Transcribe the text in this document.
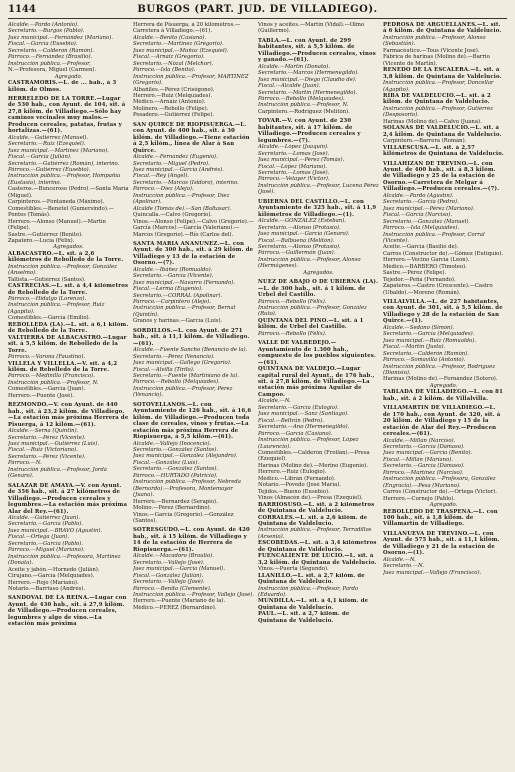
1144	BURGOS (PART. JUD. DE VILLADIEGO).
Alcalde.—Pardo (Antonio).
Secretario.—Burgos (Pablo).
Juez municipal.—Fernández (Mariano).
Fiscal.—García (Eusebio).
Secretario.—Calderón (Ramón).
Párroco.—Fernández (Brasilio).
Instrucción pública.—Profesor,
N.—Profesora, Miguel (Carmen).
Agregado.
CASTRAMORIS.—L. de ... hab., á 3 kilóm. de Olmos.

HERRELEDO DE LA TORRE.—Lugar de 530 hab., con Ayunt. de 104, sit. á 27,8 kilóm. de Villadiego.—Sólo hay caminos vecinales muy malos.—Producen cereales, patatas, frutas y hortalizas.—(61).
Alcalde.—Gutiérrez (Manuel).
Secretario.—Ruiz (Ezequiel).
Juez municipal.—Martínez (Mariano).
Fiscal.—García (Julián).
Secretario.—Gutiérrez (Román), interino.
Párroco.—Gutiérrez (Eusebio).
Instrucción pública.—Profesor, Hompañía (Eustasio), interino.
Casteros.—Bunceroso (Pedro).—Santa María (Miguel).
Carpinteros.—Fontaneda (Máximo).
Comestibles.—Benetel (Gumersindo).—Pontes (Tomás).
Herrero.—Alonso (Manuel).—Martín (Felipe).
Sastre.—Gutiérrez (Benito).
Zapatero.—Lucía (Félix).
Agregados.
ALBACASTRO.—L. sit. á 2,6 kilómetros de Rebolledo de la Torre.
Instrucción pública.—Profesor, González (Anselmo).
Tallista.—Gutiérrez (Santos).
CASTRECIAS.—L. sit. á 4,4 kilómetros de Rebolledo de la Torre.
Párroco.—Hidalgo (Lorenzo).
Instrucción pública.—Profesor, Ruiz (Agapito).
Comestibles.—García (Emilio).
REBOLLEDA (LA).—L. sit. á 6,1 kilóm. de Rebolledo de la Torre.
VALTIERRA DE ALBACASTRO.—Lugar sit. á 5,5 kilóm. de Rebolledo de la Torre.
Párroco.—Varona (Faustino).
VILLELA Y VILLELLA.—V. sit. á 4,2 kilóm. de Rebolledo de la Torre.
Párroco.—Medinilla (Francisco).
Instrucción pública.—Profesor, N.
Comestibles.—García (Juan).
Herrero.—Puente (José).

REZMONDO.—V. con Ayunt. de 440 hab., sit. á 23,2 kilóm. de Villadiego.—La estación más próxima Herrera de Pisuerga, á 12 kilóm.—(61).
Alcalde.—Serna (Quintín).
Secretario.—Pérez (Vicente).
Juez municipal.—Gutiérrez (Luis).
Fiscal.—Ruiz (Victoriano).
Secretario.—Pérez (Vicente).
Párroco.—N.
Instrucción pública.—Profesor, Jordá (Genaro).

SALAZAR DE AMAYA.—V. con Ayunt. de 356 hab., sit. á 27 kilómetros de Villadiego.—Producen cereales y legumbres.—La estación más próxima Alar del Rey.—(61).
Alcalde.—Gutiérrez (Juan).
Secretario.—García (Pablo).
Juez municipal.—BRAVO (Agustín).
Fiscal.—Ortega (Juan).
Secretario.—García (Pablo).
Párroco.—Miguel (Mariano).
Instrucción pública.—Profesora, Martínez (Donata).
Aceite y jabón.—Hornedo (Julián).
Cirujano.—García (Melquíades).
Herrero.—Rojo (Mariano).
Notario.—Barriuso (Andrés).

SANDOVAL DE LA REINA.—Lugar con Ayunt. de 430 hab., sit. á 27,9 kilóm. de Villadiego.—Producen cereales, legumbres y algo de vino.—La estación más próxima
Herrera de Pisuerga, á 20 kilómetros.—Carretera á Villadiego.—(61).
Alcalde.—Benito (Casiano).
Secretario.—Martínez (Gregorio).
Juez municipal.—Muñoz (Ezequiel).
Fiscal.—Arnáiz (Gregorio).
Secretario.—Nozal (Melchor).
Párroco.—Isla (Benito).
Instrucción pública.—Profesor, MARTÍNEZ (Gregorio).
Albañiles.—Pérez (Crisógono).
Herrero.—Ruiz (Melquíades).
Médico.—Arnáiz (Antonio).
Molinero.—Rebollo (Felipe).
Posadero.—Gutiérrez (Felipe).

SAN QUIRCE DE RIOPISUERGA.—L. con Ayunt. de 400 hab., sit. á 30 kilóm. de Villadiego.—Tiene estación á 2,5 kilóm., línea de Alar á San Quirce.
Alcalde.—Fernández (Eugenio).
Secretario.—Miguel (Pedro).
Juez municipal.—García (Andrés).
Fiscal.—Rey (Ángel).
Secretario.—Marcos (Isidoro), interino.
Párroco.—Díez (Alejo).
Instrucción pública.—Profesor, Díez (Apolinar).
Alcalde (Tomás de).—San (Baltasar).
Quincalla.—Calvo (Gregorio).
Vinos.—Alonso (Felipe).—Calvo (Gregorio).—García (Marcos).—García (Valeriano).—Marcos (Gregorio).—Río (Carlos del).

SANTA MARÍA ANANÚÑEZ.—L. con Ayunt. de 300 hab., sit. á 29 kilóm. de Villadiego y 13 de la estación de Osorno.—(7).
Alcalde.—Ibáñez (Romualdo).
Secretario.—García (Vicente).
Juez municipal.—Navarro (Fernando).
Fiscal.—Lerma (Eugenio).
Secretario.—CORRAL (Apolinar).
Párroco.—Carpintero (Alejo).
Instrucción pública.—Profesor, Bernal (Quintín).
Granos y harinas.—García (Luis).

SORDILLOS.—L. con Ayunt. de 271 hab., sit. á 11,1 kilóm. de Villadiego.—(61).
Alcalde.—Fuente Sancho (Benancio de la).
Secretario.—Pérez (Venancio).
Juez municipal.—Gallego (Gregorio).
Fiscal.—Alvilla (Tirilo).
Secretario.—Fuente (Martiniano de la).
Párroco.—Rebollo (Melquíades).
Instrucción pública.—Profesor, Pérez (Venancio).

SOTOVELLANOS.—L. con Ayuntamiento de 126 hab., sit. á 16,6 kilóm. de Villadiego.—Producen toda clase de cereales, vinos y frutas.—La estación más próxima Herrera de Riopisuerga, á 5,5 kilóm.—(61).
Alcalde.—Vallejo (Inocencio).
Secretario.—González (Santos).
Juez municipal.—González (Alejandro).
Fiscal.—González (Luis).
Secretario.—González (Santos).
Párroco.—HURTADO (Patricio).
Instrucción pública.—Profesor, Nebreda (Bernardo).—Profesora, Montemayor (Juana).
Herrero.—Bernardez (Serapio).
Molino.—Pérez (Bernardino).
Vinos.—García (Gregorio).—González (Santos).

SOTRESGUDO.—L. con Ayunt. de 420 hab., sit. á 15 kilóm. de Villadiego y 14 de la estación de Herrera de Riopisuerga.—(61).
Alcalde.—Macadoro (Braulio).
Secretario.—Vallejo (José).
Juez municipal.—García (Manuel).
Fiscal.—González (Julián).
Secretario.—Vallejo (José).
Párroco.—Benito (Clemente).
Instrucción pública.—Profesor, Vallejo (José).
Herrero.—Puente (Mariano de la).
Médico.—PÉREZ (Bernardino).
Vinos y aceites.—Martín (Vidal).—Olmo (Guillermo).

TABLA.—L. con Ayunt. de 299 habitantes, sit. á 5,5 kilóm. de Villadiego.—Producen cereales, vinos y ganado.—(61).
Alcalde.—Martín (Donato).
Secretario.—Marcos (Hermenegildo).
Juez municipal.—Diego (Claudio de).
Fiscal.—Alcalde (Juan).
Secretario.—Martín (Hermenegildo).
Párroco.—Rebollo (Melquíades).
Instrucción pública.—Profesor, N.
Carpintero.—Rodríguez (Melitón).

TOVAR.—V. con Ayunt. de 230 habitantes, sit. á 17 kilóm. de Villadiego.—Producen cereales y legumbres.—(7).
Alcalde.—López (Joaquín).
Secretario.—Lomas (José).
Juez municipal.—Pérez (Tomás).
Fiscal.—López (Mariano).
Secretario.—Lomas (José).
Párroco.—Velayer (Víctor).
Instrucción pública.—Profesor, Lucena Pérez (José).

UBIERNA DEL CASTILLO.—L. con Ayuntamiento de 325 hab., sit. á 11,9 kilómetros de Villadiego.—(1).
Alcalde.—GONZÁLEZ (Esteban).
Secretario.—Alonso (Protasio).
Juez municipal.—García (Genaro).
Fiscal.—Balbuena (Melitón).
Secretario.—Alonso (Protasio).
Párroco.—Guillermón (Juan).
Instrucción pública.—Profesor, Alonso (Hermógenes).
Agregados.

NUEZ DE ABAJO Ó DE UBIERNA (LA).—L. de 300 hab., sit. á 1 kilóm. de Urbel del Castillo.
Párroco.—Rebollo (Félix).
Instrucción pública.—Profesor, González (Ruto).
QUINTANA DEL PINO.—L. sit. á 1 kilóm. de Urbel del Castillo.
Párroco.—Rebollo (Félix).

VALLE DE VALBEDEJO.—Ayuntamiento de 1.300 hab., compuesto de los pueblos siguientes.—(61).
QUINTANA DE VALDEJO.—Lugar capital rural del Ayunt., de 176 hab., sit. á 27,8 kilóm. de Villadiego.—La estación más próxima Aguilar de Campoo.
Alcalde.—N.
Secretario.—García (Eulogio).
Juez municipal.—Sanz (Santiago).
Fiscal.—Beltrán (Pedro).
Secretario.—Ano (Hermenegildo).
Párroco.—García (Casiano).
Instrucción pública.—Profesor, López (Laurencio).
Comestibles.—Calderón (Froilán).—Presa (Ezequiel).
Harinas (Molino de).—Merino (Eugenio).
Herrero.—Ruiz (Eulogio).
Médico.—Librán (Fernando).
Notario.—Povedo (José María).
Tejidos.—Bueno (Eusebio).
Vinos (Almacén de).—Presa (Ezequiel).
BARRIOSUSO.—L. sit. á 2 kilómetros de Quintana de Valdelucio.
CORRALES.—L. sit. á 2,6 kilóm. de Quintana de Valdelucio.
Instrucción pública.—Profesor, Terradillos (Arsenio).
ESCOBEDAS.—L. sit. á 3,4 kilómetros de Quintana de Valdelucio.
FUENCALIENTE DE LUCIO.—L. sit. á 3,2 kilóm. de Quintana de Valdelucio.
Vinos.—Puerta (Segundo).
LLANILLO.—L. sit. á 2,7 kilóm. de Quintana de Valdelucio.
Instrucción pública.—Profesor, Pardo (Eduardo).
MUNDILLA.—L. sit. á 4,1 kilóm. de Quintana de Valdelucio.
PAUL.—L. sit. á 2,7 kilóm. de Quintana de Valdelucio.
PEDROSA DE ARGUELLANES.—L. sit. á 6 kilóm. de Quintana de Valdelucio.
Instrucción pública.—Profesor, Alonso (Sebastián).
Farmacéutico.—Tous (Vicente José).
Fabrica de harinas (Molino de).—Barrio (Vicente de Martín).
RENEDO DE LA ESCALERA.—L. sit. á 3,8 kilóm. de Quintana de Valdelucio.
Instrucción pública.—Profesor, Doncellar (Agapito).
RIBA DE VALDELUCIO.—L. sit. á 2 kilóm. de Quintana de Valdelucio.
Instrucción pública.—Profesor, Gutiérrez (Desposorio).
Harinas (Molino de).—Calvo (Juana).
SOLANAS DE VALDELUCIO.—L. sit. á 2,4 kilóm. de Quintana de Valdelucio.
Carpintero.—Barrera (Román).
VILLAESCUSA.—L. sit. á 2,57 kilómetros de Quintana de Valdelucio.

VILLAHIZAN DE TREVIÑO.—L. con Ayunt. de 400 hab., sit. á 8,3 kilóm. de Villadiego y 25 de la estación de Osorno.—Carretera de Melgar á Villadiego.—Producen cereales.—(7).
Alcalde.—Pardo (Agustín).
Secretario.—García (Pedro).
Juez municipal.—Pérez (Mariano).
Fiscal.—García (Narciso).
Secretario.—González (Manuel).
Párroco.—Isla (Melquíades).
Instrucción pública.—Profesor, Corral (Vicente).
Aceite.—García (Basilio de).
Carros (Constructor de).—Gómez (Eutiquio).
Herrero.—Vecino García (León).
Médico.—BARBERO (Timoteo).
Sastre.—Pérez (Felipe).
Tejedor.—Peña (Fernando).
Zapateros.—Castro (Crescente).—Castro (Ubaldo).—Moreno (Román).

VILLALVILLA.—L. de 227 habitantes, con Ayunt. de 301, sit. á 5,5 kilóm. de Villadiego y 28 de la estación de San Quirce.—(1).
Alcalde.—Sedano (Simón).
Secretario.—García (Melquíades).
Juez municipal.—Ruiz (Romualdo).
Fiscal.—Martín (Justo).
Secretario.—Calderón (Ramón).
Párroco.—Somavilla (Antonio).
Instrucción pública.—Profesor, Rodríguez (Dionisio).
Harinas (Molino de).—Fernández (Sotero).
Agregado.
TABLADA DE VILLADIEGO.—L. con 81 hab., sit. á 2 kilóm. de Villalvilla.

VILLAMARTÍN DE VILLADIEGO.—L. de 170 hab., con Ayunt. de 320, sit. á 20 kilóm. de Villadiego y 15 de la estación de Alar del Rey.—Producen cereales.—(61).
Alcalde.—Millán (Narciso).
Secretario.—García (Dámaso).
Juez municipal.—García (Benito).
Fiscal.—Millán (Mariano).
Secretario.—García (Dámaso).
Párroco.—Martínez (Narciso).
Instrucción pública.—Profesora, González (Engracia).—Pesa (Mariano).
Carros (Constructor de).—Ortega (Víctor).
Herrero.—Cornejo (Pablo).
Agregado.
REBOLLEDO DE TRASPEÑA.—L. con 100 hab., sit. á 1,8 kilóm. de Villamartín de Villadiego.

VILLANUEVA DE TREVIÑO.—L. con Ayunt. de 575 hab., sit. á 11,1 kilóm. de Villadiego y 21 de la estación de Osorno.—(1).
Alcalde.—N.
Secretario.—N.
Juez municipal.—Vallejo (Francisco).
